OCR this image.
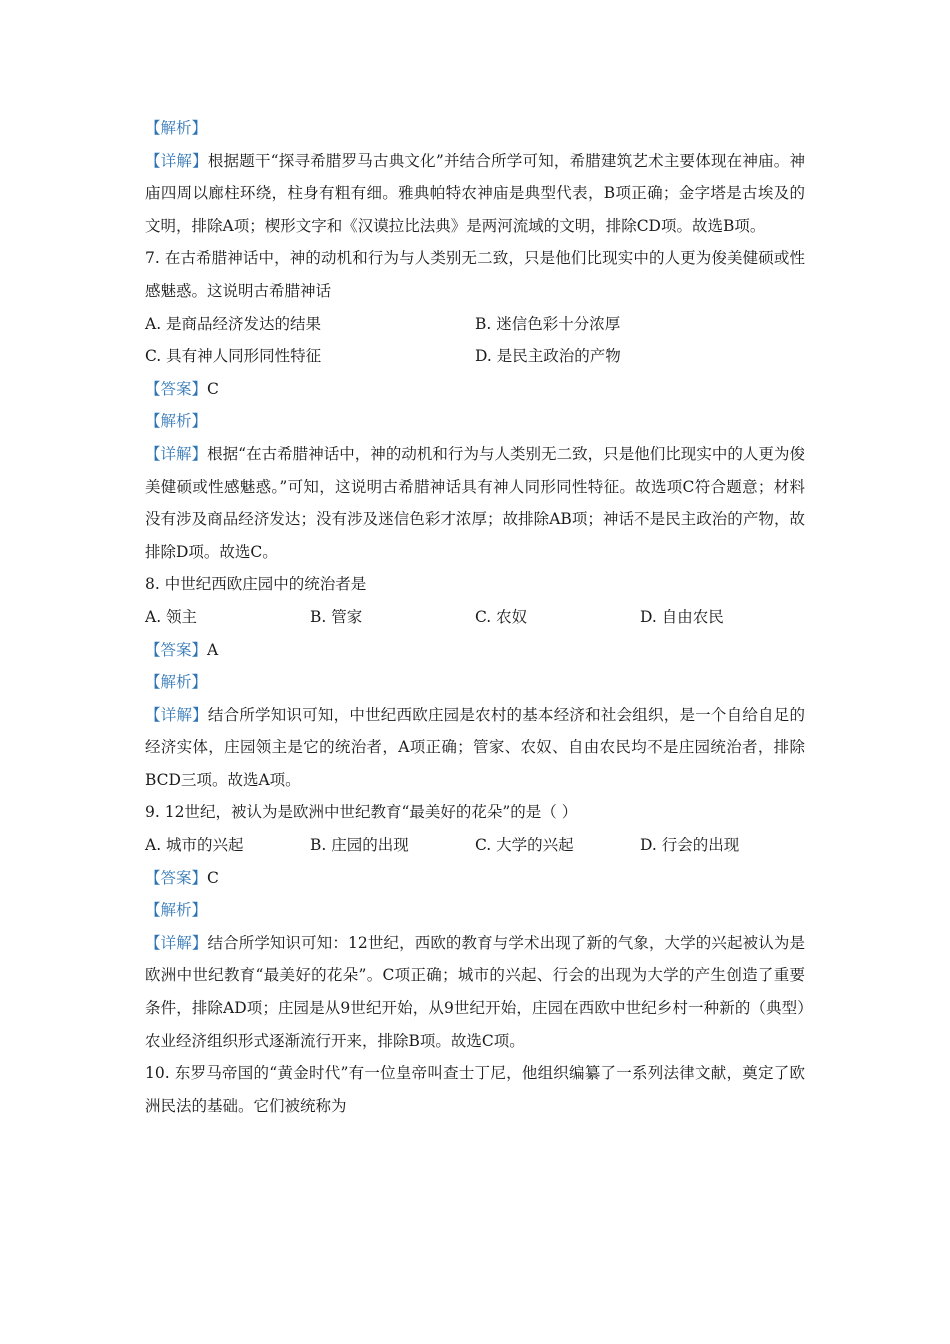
【解析】

【详解】根据题干“探寻希腊罗马古典文化”并结合所学可知，希腊建筑艺术主要体现在神庙。神庙四周以廊柱环绕，柱身有粗有细。雅典帕特农神庙是典型代表，B项正确；金字塔是古埃及的文明，排除A项；楔形文字和《汉谟拉比法典》是两河流域的文明，排除CD项。故选B项。

7. 在古希腊神话中，神的动机和行为与人类别无二致，只是他们比现实中的人更为俊美健硕或性感魅惑。这说明古希腊神话

A. 是商品经济发达的结果	B. 迷信色彩十分浓厚
C. 具有神人同形同性特征	D. 是民主政治的产物

【答案】C

【解析】

【详解】根据“在古希腊神话中，神的动机和行为与人类别无二致，只是他们比现实中的人更为俊美健硕或性感魅惑。”可知，这说明古希腊神话具有神人同形同性特征。故选项C符合题意；材料没有涉及商品经济发达；没有涉及迷信色彩才浓厚；故排除AB项；神话不是民主政治的产物，故排除D项。故选C。

8. 中世纪西欧庄园中的统治者是

A. 领主	B. 管家	C. 农奴	D. 自由农民

【答案】A

【解析】

【详解】结合所学知识可知，中世纪西欧庄园是农村的基本经济和社会组织，是一个自给自足的经济实体，庄园领主是它的统治者，A项正确；管家、农奴、自由农民均不是庄园统治者，排除BCD三项。故选A项。

9. 12世纪，被认为是欧洲中世纪教育“最美好的花朵”的是（ ）

A. 城市的兴起	B. 庄园的出现	C. 大学的兴起	D. 行会的出现

【答案】C

【解析】

【详解】结合所学知识可知：12世纪，西欧的教育与学术出现了新的气象，大学的兴起被认为是欧洲中世纪教育“最美好的花朵”。C项正确；城市的兴起、行会的出现为大学的产生创造了重要条件，排除AD项；庄园是从9世纪开始，从9世纪开始，庄园在西欧中世纪乡村一种新的（典型）农业经济组织形式逐渐流行开来，排除B项。故选C项。

10. 东罗马帝国的“黄金时代”有一位皇帝叫查士丁尼，他组织编纂了一系列法律文献，奠定了欧洲民法的基础。它们被统称为
